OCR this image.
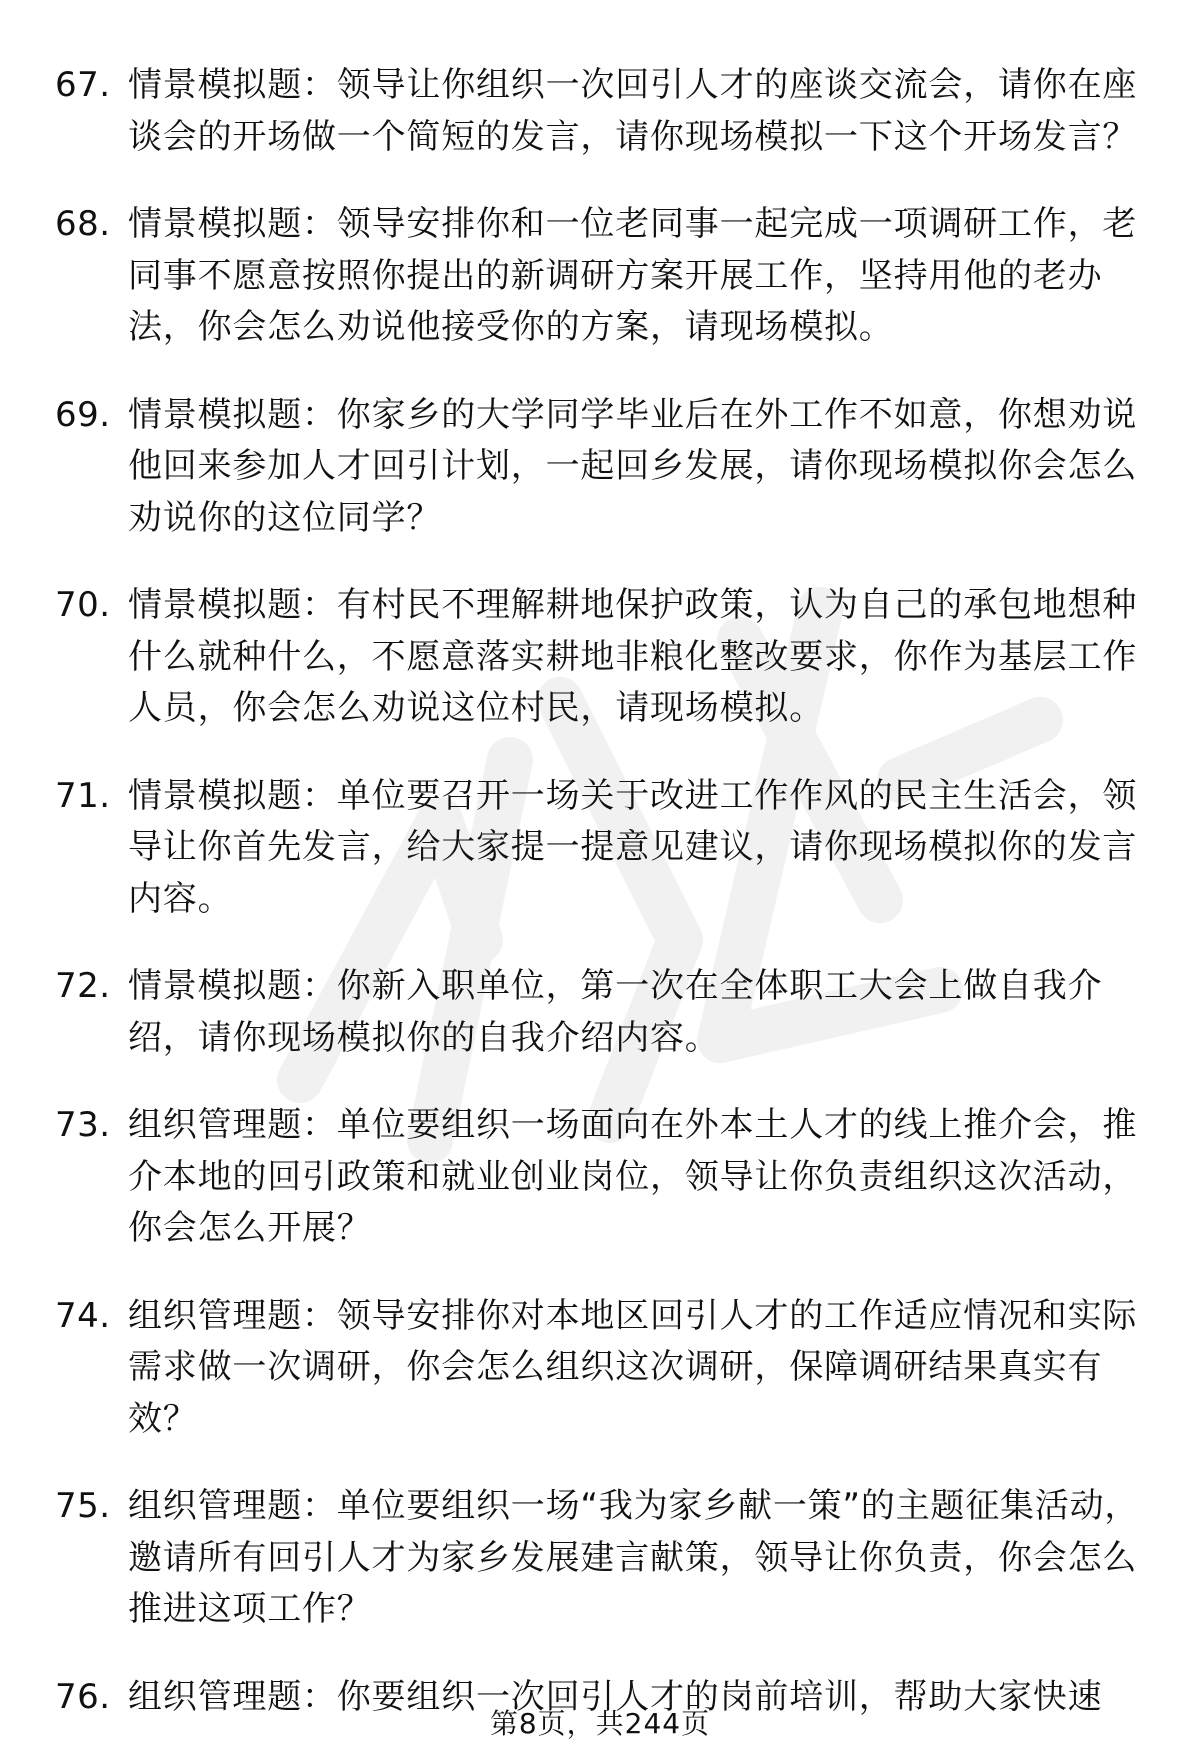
67. 情景模拟题：领导让你组织一次回引人才的座谈交流会，请你在座谈会的开场做一个简短的发言，请你现场模拟一下这个开场发言？
68. 情景模拟题：领导安排你和一位老同事一起完成一项调研工作，老同事不愿意按照你提出的新调研方案开展工作，坚持用他的老办法，你会怎么劝说他接受你的方案，请现场模拟。
69. 情景模拟题：你家乡的大学同学毕业后在外工作不如意，你想劝说他回来参加人才回引计划，一起回乡发展，请你现场模拟你会怎么劝说你的这位同学？
70. 情景模拟题：有村民不理解耕地保护政策，认为自己的承包地想种什么就种什么，不愿意落实耕地非粮化整改要求，你作为基层工作人员，你会怎么劝说这位村民，请现场模拟。
71. 情景模拟题：单位要召开一场关于改进工作作风的民主生活会，领导让你首先发言，给大家提一提意见建议，请你现场模拟你的发言内容。
72. 情景模拟题：你新入职单位，第一次在全体职工大会上做自我介绍，请你现场模拟你的自我介绍内容。
73. 组织管理题：单位要组织一场面向在外本土人才的线上推介会，推介本地的回引政策和就业创业岗位，领导让你负责组织这次活动，你会怎么开展？
74. 组织管理题：领导安排你对本地区回引人才的工作适应情况和实际需求做一次调研，你会怎么组织这次调研，保障调研结果真实有效？
75. 组织管理题：单位要组织一场“我为家乡献一策”的主题征集活动，邀请所有回引人才为家乡发展建言献策，领导让你负责，你会怎么推进这项工作？
76. 组织管理题：你要组织一次回引人才的岗前培训，帮助大家快速
第8页，共244页
